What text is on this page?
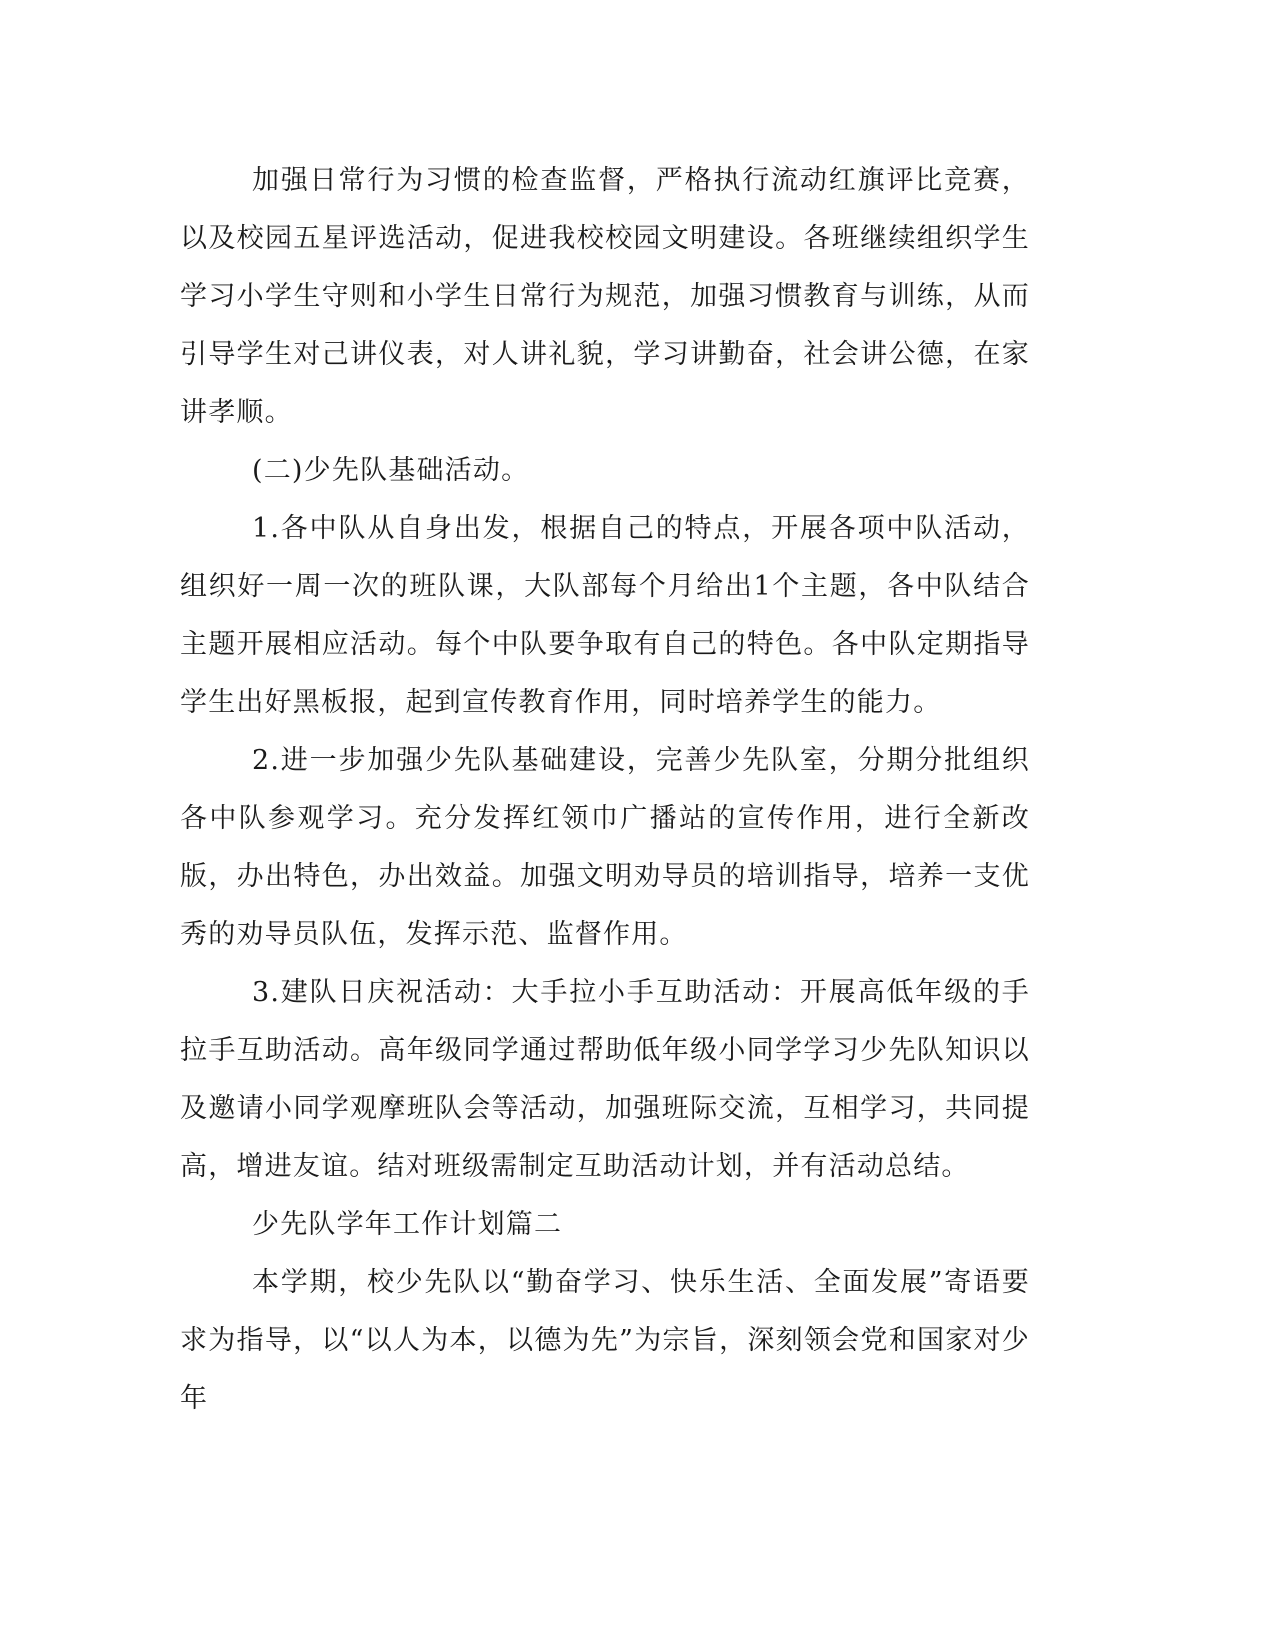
加强日常行为习惯的检查监督，严格执行流动红旗评比竞赛，以及校园五星评选活动，促进我校校园文明建设。各班继续组织学生学习小学生守则和小学生日常行为规范，加强习惯教育与训练，从而引导学生对己讲仪表，对人讲礼貌，学习讲勤奋，社会讲公德，在家讲孝顺。

(二)少先队基础活动。

1.各中队从自身出发，根据自己的特点，开展各项中队活动，组织好一周一次的班队课，大队部每个月给出1个主题，各中队结合主题开展相应活动。每个中队要争取有自己的特色。各中队定期指导学生出好黑板报，起到宣传教育作用，同时培养学生的能力。

2.进一步加强少先队基础建设，完善少先队室，分期分批组织各中队参观学习。充分发挥红领巾广播站的宣传作用，进行全新改版，办出特色，办出效益。加强文明劝导员的培训指导，培养一支优秀的劝导员队伍，发挥示范、监督作用。

3.建队日庆祝活动：大手拉小手互助活动：开展高低年级的手拉手互助活动。高年级同学通过帮助低年级小同学学习少先队知识以及邀请小同学观摩班队会等活动，加强班际交流，互相学习，共同提高，增进友谊。结对班级需制定互助活动计划，并有活动总结。

少先队学年工作计划篇二

本学期，校少先队以“勤奋学习、快乐生活、全面发展”寄语要求为指导，以“以人为本，以德为先”为宗旨，深刻领会党和国家对少年
